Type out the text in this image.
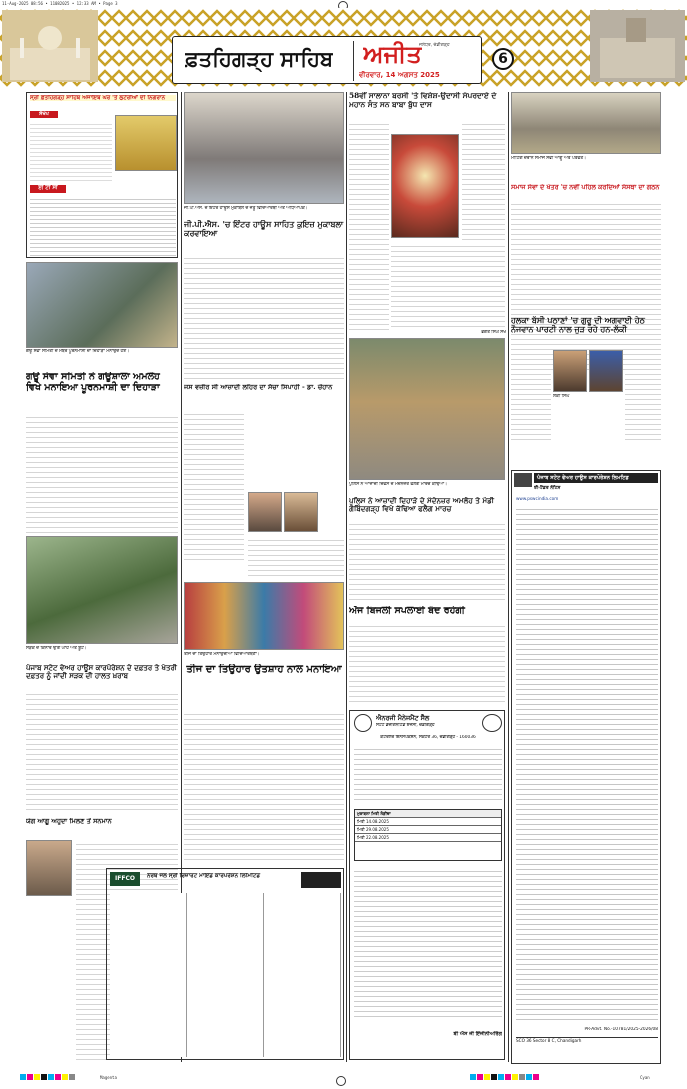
11-Aug-2025 08:56 • 11082025 • 12:33 AM • Page 3
ਫ਼ਤਹਿਗੜ੍ਹ ਸਾਹਿਬ ਅਜੀਤ
ਜਲੰਧਰ, ਚੰਡੀਗੜ੍ਹ
ਵੀਰਵਾਰ, 14 ਅਗਸਤ 2025
6
ਸ੍ਰੀ ਫ਼ਤਹਿਗੜ੍ਹ ਸਾਹਿਬ ਅਜਾਇਬ ਘਰ 'ਤੇ ਲੁਟੇਰੀਆਂ ਦੀ ਨਿਗਰਾਨ
ਸੰਖੇਪ
ਈ ਟੀ ਸੀ
ਗਊ ਸੇਵਾ ਸਮਿਤੀ ਦੇ ਮੈਂਬਰ ਪੂਰਨਮਾਸ਼ੀ ਦਾ ਦਿਹਾੜਾ ਮਨਾਉਂਦੇ ਹੋਏ।
ਗਊ ਸੇਵਾ ਸਮਿਤੀ ਨੇ ਗਊਸ਼ਾਲਾ ਅਮਲੋਹ ਵਿਖੇ ਮਨਾਇਆ ਪੂਰਨਮਾਸ਼ੀ ਦਾ ਦਿਹਾੜਾ
ਸੜਕ ਦੇ ਕਿਨਾਰੇ ਉੱਗੇ ਘਾਹ ਅਤੇ ਬੂਟੇ।
ਪੰਜਾਬ ਸਟੇਟ ਵੇਅਰ ਹਾਊਸ ਕਾਰਪੋਰੇਸ਼ਨ ਦੇ ਦਫ਼ਤਰ ਤੇ ਖੇਤਰੀ ਦਫ਼ਤਰ ਨੂੰ ਜਾਂਦੀ ਸੜਕ ਦੀ ਹਾਲਤ ਖ਼ਰਾਬ
ਯੋਗ ਆਗੂ ਅਹੁਦਾ ਮਿਲਣ ਤੋਂ ਸਨਮਾਨ
ਜੀ.ਪੀ.ਐਸ. ਦੇ ਇੰਟਰ ਹਾਊਸ ਮੁਕਾਬਲੇ ਦੇ ਜੇਤੂ ਵਿਦਿਆਰਥੀ ਅਤੇ ਅਧਿਆਪਕ।
ਜੀ.ਪੀ.ਐਸ. 'ਚ ਇੰਟਰ ਹਾਊਸ ਸਾਹਿਤ ਕੁਇਜ਼ ਮੁਕਾਬਲਾ ਕਰਵਾਇਆ
ਜਸ ਵਜ਼ੀਰ ਸੀ ਆਜ਼ਾਦੀ ਲਹਿਰ ਦਾ ਸੱਚਾ ਸਿਪਾਹੀ - ਡਾ. ਚੌਹਾਨ
ਤੀਜ ਦਾ ਤਿਉਹਾਰ ਮਨਾਉਂਦੀਆਂ ਵਿਦਿਆਰਥਣਾਂ।
ਤੀਜ ਦਾ ਤਿਉਹਾਰ ਉਤਸ਼ਾਹ ਨਾਲ ਮਨਾਇਆ
IFFCO	ਨੋਰਥ ਜਲ ਸ੍ਰੀ ਰਿਜ਼ਾਰਟ ਮਾਇੰਡ ਕਾਰਪੋਰੇਸ਼ਨ ਲਿਮਿਟਿਡ
58ਵੀਂ ਸਾਲਾਨਾ ਬਰਸੀ 'ਤੇ ਵਿਸ਼ੇਸ਼-ਉਦਾਸੀ ਸੰਪਰਦਾਏ ਦੇ ਮਹਾਨ ਸੰਤ ਸਨ ਬਾਬਾ ਬੁੱਧ ਦਾਸ
ਭਗਤ ਸਿੰਘ ਸੇਖੋਂ
ਪੁਲਿਸ ਨੇ ਆਜ਼ਾਦੀ ਦਿਵਸ ਦੇ ਮੱਦੇਨਜ਼ਰ ਫਲੈਗ ਮਾਰਚ ਕੱਢਿਆ।
ਪੁਲਿਸ ਨੇ ਆਜ਼ਾਦੀ ਦਿਹਾੜੇ ਦੇ ਮੱਦੇਨਜ਼ਰ ਅਮਲੋਹ ਤੇ ਮੰਡੀ ਗੋਬਿੰਦਗੜ੍ਹ ਵਿਖੇ ਕੱਢਿਆ ਫਲੈਗ ਮਾਰਚ
ਅੱਜ ਬਿਜਲੀ ਸਪਲਾਈ ਬੰਦ ਰਹੇਗੀ
ਐਨਰਜੀ ਮੈਨੇਜਮੈਂਟ ਸੈੱਲ
ਸਟੇਟ ਡੈਜ਼ੀਗਨੇਟਿਡ ਏਜੰਸੀ, ਚੰਡੀਗੜ੍ਹ
ਕੰਟਰੋਲਰ ਇਨਸਪੈਕਸ਼ਨ, ਸੈਕਟਰ 36, ਚੰਡੀਗੜ੍ਹ - 160036
ਮੁਕਾਬਲਾ ਮਿਤੀ ਲੋੜੀਂਦਾ
ਮਿਤੀ 14.08.2025
ਮਿਤੀ 29.08.2025
ਮਿਤੀ 22.08.2025
ਬੀ ਐਸ ਜੀ ਇੰਜੀਨੀਅਰਿੰਗ
ਮੀਟਿੰਗ ਦੌਰਾਨ ਸਮਾਜ ਸੇਵੀ ਆਗੂ ਅਤੇ ਪਤਵੰਤੇ।
ਸਮਾਜ ਸੇਵਾ ਦੇ ਖੇਤਰ 'ਚ ਨਵੀਂ ਪਹਿਲ ਕਰਦਿਆਂ ਸੰਸਥਾ ਦਾ ਗਠਨ
ਹਲਕਾ ਬੱਸੀ ਪਠਾਣਾਂ 'ਚ ਗੁਰੂ ਦੀ ਅਗਵਾਈ ਹੇਠ ਨੌਜਵਾਨ ਪਾਰਟੀ ਨਾਲ ਜੁੜ ਰਹੇ ਹਨ-ਲੱਕੀ
ਲੱਕੀ ਸਿੰਘ
ਪੰਜਾਬ ਸਟੇਟ ਵੇਅਰ ਹਾਊਸ ਕਾਰਪੋਰੇਸ਼ਨ ਲਿਮਟਿਡ
ਈ-ਟੈਂਡਰ ਨੋਟਿਸ
www.pswcindia.com
PR-Advt. No.-10781/2025-2026/08
SCO 36 Sector 8 C, Chandigarh
Magenta	Cyan
